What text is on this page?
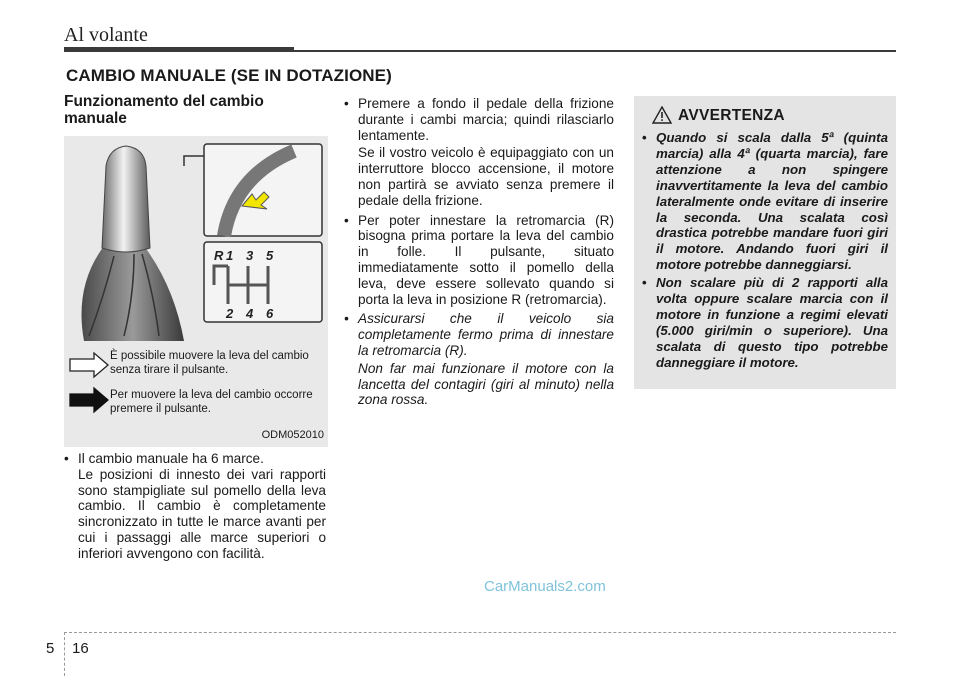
Al volante
CAMBIO MANUALE (SE IN DOTAZIONE)
Funzionamento del cambio manuale
R 1 3 5
2 4 6
È possibile muovere la leva del cambio senza tirare il pulsante.
Per muovere la leva del cambio occorre premere il pulsante.
ODM052010
• Il cambio manuale ha 6 marce.
Le posizioni di innesto dei vari rapporti sono stampigliate sul pomello della leva cambio. Il cambio è completamente sincronizzato in tutte le marce avanti per cui i passaggi alle marce superiori o inferiori avvengono con facilità.
• Premere a fondo il pedale della frizione durante i cambi marcia; quindi rilasciarlo lentamente.
Se il vostro veicolo è equipaggiato con un interruttore blocco accensione, il motore non partirà se avviato senza premere il pedale della frizione.
• Per poter innestare la retromarcia (R) bisogna prima portare la leva del cambio in folle. Il pulsante, situato immediatamente sotto il pomello della leva, deve essere sollevato quando si porta la leva in posizione R (retromarcia).
• Assicurarsi che il veicolo sia completamente fermo prima di innestare la retromarcia (R).
Non far mai funzionare il motore con la lancetta del contagiri (giri al minuto) nella zona rossa.
AVVERTENZA
• Quando si scala dalla 5ª (quinta marcia) alla 4ª (quarta marcia), fare attenzione a non spingere inavvertitamente la leva del cambio lateralmente onde evitare di inserire la seconda. Una scalata così drastica potrebbe mandare fuori giri il motore. Andando fuori giri il motore potrebbe danneggiarsi.
• Non scalare più di 2 rapporti alla volta oppure scalare marcia con il motore in funzione a regimi elevati (5.000 giri/min o superiore). Una scalata di questo tipo potrebbe danneggiare il motore.
CarManuals2.com
5 16
